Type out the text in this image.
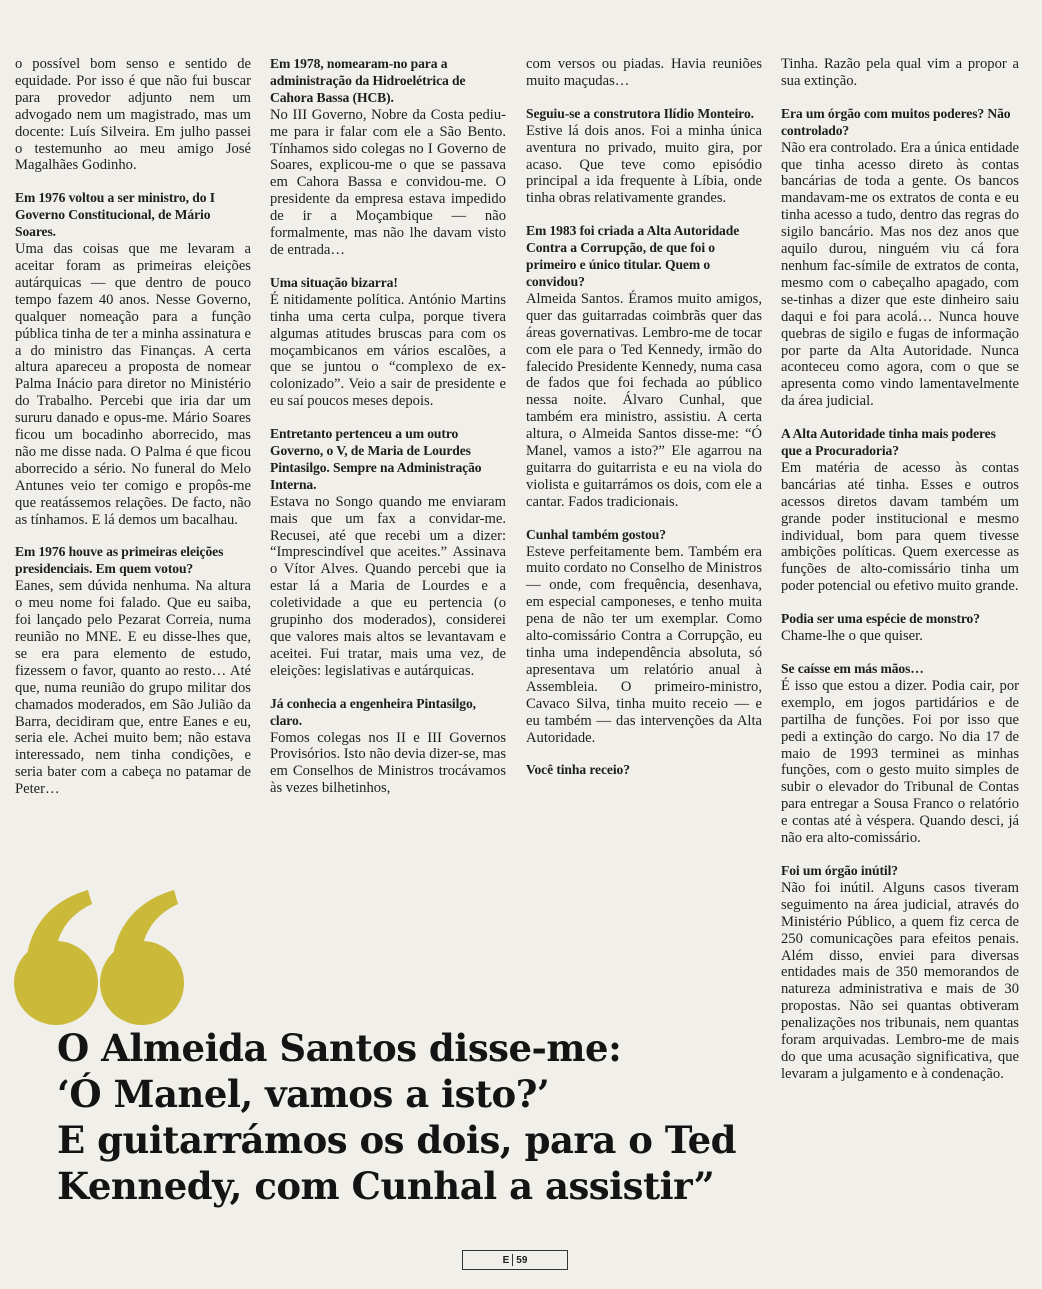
o possível bom senso e sentido de equidade. Por isso é que não fui buscar para provedor adjunto nem um advogado nem um magistrado, mas um docente: Luís Silveira. Em julho passei o testemunho ao meu amigo José Magalhães Godinho.

Em 1976 voltou a ser ministro, do I Governo Constitucional, de Mário Soares.
Uma das coisas que me levaram a aceitar foram as primeiras eleições autárquicas — que dentro de pouco tempo fazem 40 anos. Nesse Governo, qualquer nomeação para a função pública tinha de ter a minha assinatura e a do ministro das Finanças. A certa altura apareceu a proposta de nomear Palma Inácio para diretor no Ministério do Trabalho. Percebi que iria dar um sururu danado e opus-me. Mário Soares ficou um bocadinho aborrecido, mas não me disse nada. O Palma é que ficou aborrecido a sério. No funeral do Melo Antunes veio ter comigo e propôs-me que reatássemos relações. De facto, não as tínhamos. E lá demos um bacalhau.

Em 1976 houve as primeiras eleições presidenciais. Em quem votou?
Eanes, sem dúvida nenhuma. Na altura o meu nome foi falado. Que eu saiba, foi lançado pelo Pezarat Correia, numa reunião no MNE. E eu disse-lhes que, se era para elemento de estudo, fizessem o favor, quanto ao resto… Até que, numa reunião do grupo militar dos chamados moderados, em São Julião da Barra, decidiram que, entre Eanes e eu, seria ele. Achei muito bem; não estava interessado, nem tinha condições, e seria bater com a cabeça no patamar de Peter…

Em 1978, nomearam-no para a administração da Hidroelétrica de Cahora Bassa (HCB).
No III Governo, Nobre da Costa pediu-me para ir falar com ele a São Bento. Tínhamos sido colegas no I Governo de Soares, explicou-me o que se passava em Cahora Bassa e convidou-me. O presidente da empresa estava impedido de ir a Moçambique — não formalmente, mas não lhe davam visto de entrada…

Uma situação bizarra!
É nitidamente política. António Martins tinha uma certa culpa, porque tivera algumas atitudes bruscas para com os moçambicanos em vários escalões, a que se juntou o “complexo de ex-colonizado”. Veio a sair de presidente e eu saí poucos meses depois.

Entretanto pertenceu a um outro Governo, o V, de Maria de Lourdes Pintasilgo. Sempre na Administração Interna.
Estava no Songo quando me enviaram mais que um fax a convidar-me. Recusei, até que recebi um a dizer: “Imprescindível que aceites.” Assinava o Vítor Alves. Quando percebi que ia estar lá a Maria de Lourdes e a coletividade a que eu pertencia (o grupinho dos moderados), considerei que valores mais altos se levantavam e aceitei. Fui tratar, mais uma vez, de eleições: legislativas e autárquicas.

Já conhecia a engenheira Pintasilgo, claro.
Fomos colegas nos II e III Governos Provisórios. Isto não devia dizer-se, mas em Conselhos de Ministros trocávamos às vezes bilhetinhos,

com versos ou piadas. Havia reuniões muito maçudas…

Seguiu-se a construtora Ilídio Monteiro.
Estive lá dois anos. Foi a minha única aventura no privado, muito gira, por acaso. Que teve como episódio principal a ida frequente à Líbia, onde tinha obras relativamente grandes.

Em 1983 foi criada a Alta Autoridade Contra a Corrupção, de que foi o primeiro e único titular. Quem o convidou?
Almeida Santos. Éramos muito amigos, quer das guitarradas coimbrãs quer das áreas governativas. Lembro-me de tocar com ele para o Ted Kennedy, irmão do falecido Presidente Kennedy, numa casa de fados que foi fechada ao público nessa noite. Álvaro Cunhal, que também era ministro, assistiu. A certa altura, o Almeida Santos disse-me: “Ó Manel, vamos a isto?” Ele agarrou na guitarra do guitarrista e eu na viola do violista e guitarrámos os dois, com ele a cantar. Fados tradicionais.

Cunhal também gostou?
Esteve perfeitamente bem. Também era muito cordato no Conselho de Ministros — onde, com frequência, desenhava, em especial camponeses, e tenho muita pena de não ter um exemplar. Como alto-comissário Contra a Corrupção, eu tinha uma independência absoluta, só apresentava um relatório anual à Assembleia. O primeiro-ministro, Cavaco Silva, tinha muito receio — e eu também — das intervenções da Alta Autoridade.

Você tinha receio?

Tinha. Razão pela qual vim a propor a sua extinção.

Era um órgão com muitos poderes? Não controlado?
Não era controlado. Era a única entidade que tinha acesso direto às contas bancárias de toda a gente. Os bancos mandavam-me os extratos de conta e eu tinha acesso a tudo, dentro das regras do sigilo bancário. Mas nos dez anos que aquilo durou, ninguém viu cá fora nenhum fac-símile de extratos de conta, mesmo com o cabeçalho apagado, com se-tinhas a dizer que este dinheiro saiu daqui e foi para acolá… Nunca houve quebras de sigilo e fugas de informação por parte da Alta Autoridade. Nunca aconteceu como agora, com o que se apresenta como vindo lamentavelmente da área judicial.

A Alta Autoridade tinha mais poderes que a Procuradoria?
Em matéria de acesso às contas bancárias até tinha. Esses e outros acessos diretos davam também um grande poder institucional e mesmo individual, bom para quem tivesse ambições políticas. Quem exercesse as funções de alto-comissário tinha um poder potencial ou efetivo muito grande.

Podia ser uma espécie de monstro?
Chame-lhe o que quiser.

Se caísse em más mãos…
É isso que estou a dizer. Podia cair, por exemplo, em jogos partidários e de partilha de funções. Foi por isso que pedi a extinção do cargo. No dia 17 de maio de 1993 terminei as minhas funções, com o gesto muito simples de subir o elevador do Tribunal de Contas para entregar a Sousa Franco o relatório e contas até à véspera. Quando desci, já não era alto-comissário.

Foi um órgão inútil?
Não foi inútil. Alguns casos tiveram seguimento na área judicial, através do Ministério Público, a quem fiz cerca de 250 comunicações para efeitos penais. Além disso, enviei para diversas entidades mais de 350 memorandos de natureza administrativa e mais de 30 propostas. Não sei quantas obtiveram penalizações nos tribunais, nem quantas foram arquivadas. Lembro-me de mais do que uma acusação significativa, que levaram a julgamento e à condenação.

O Almeida Santos disse-me:
‘Ó Manel, vamos a isto?’
E guitarrámos os dois, para o Ted
Kennedy, com Cunhal a assistir”
E 59
